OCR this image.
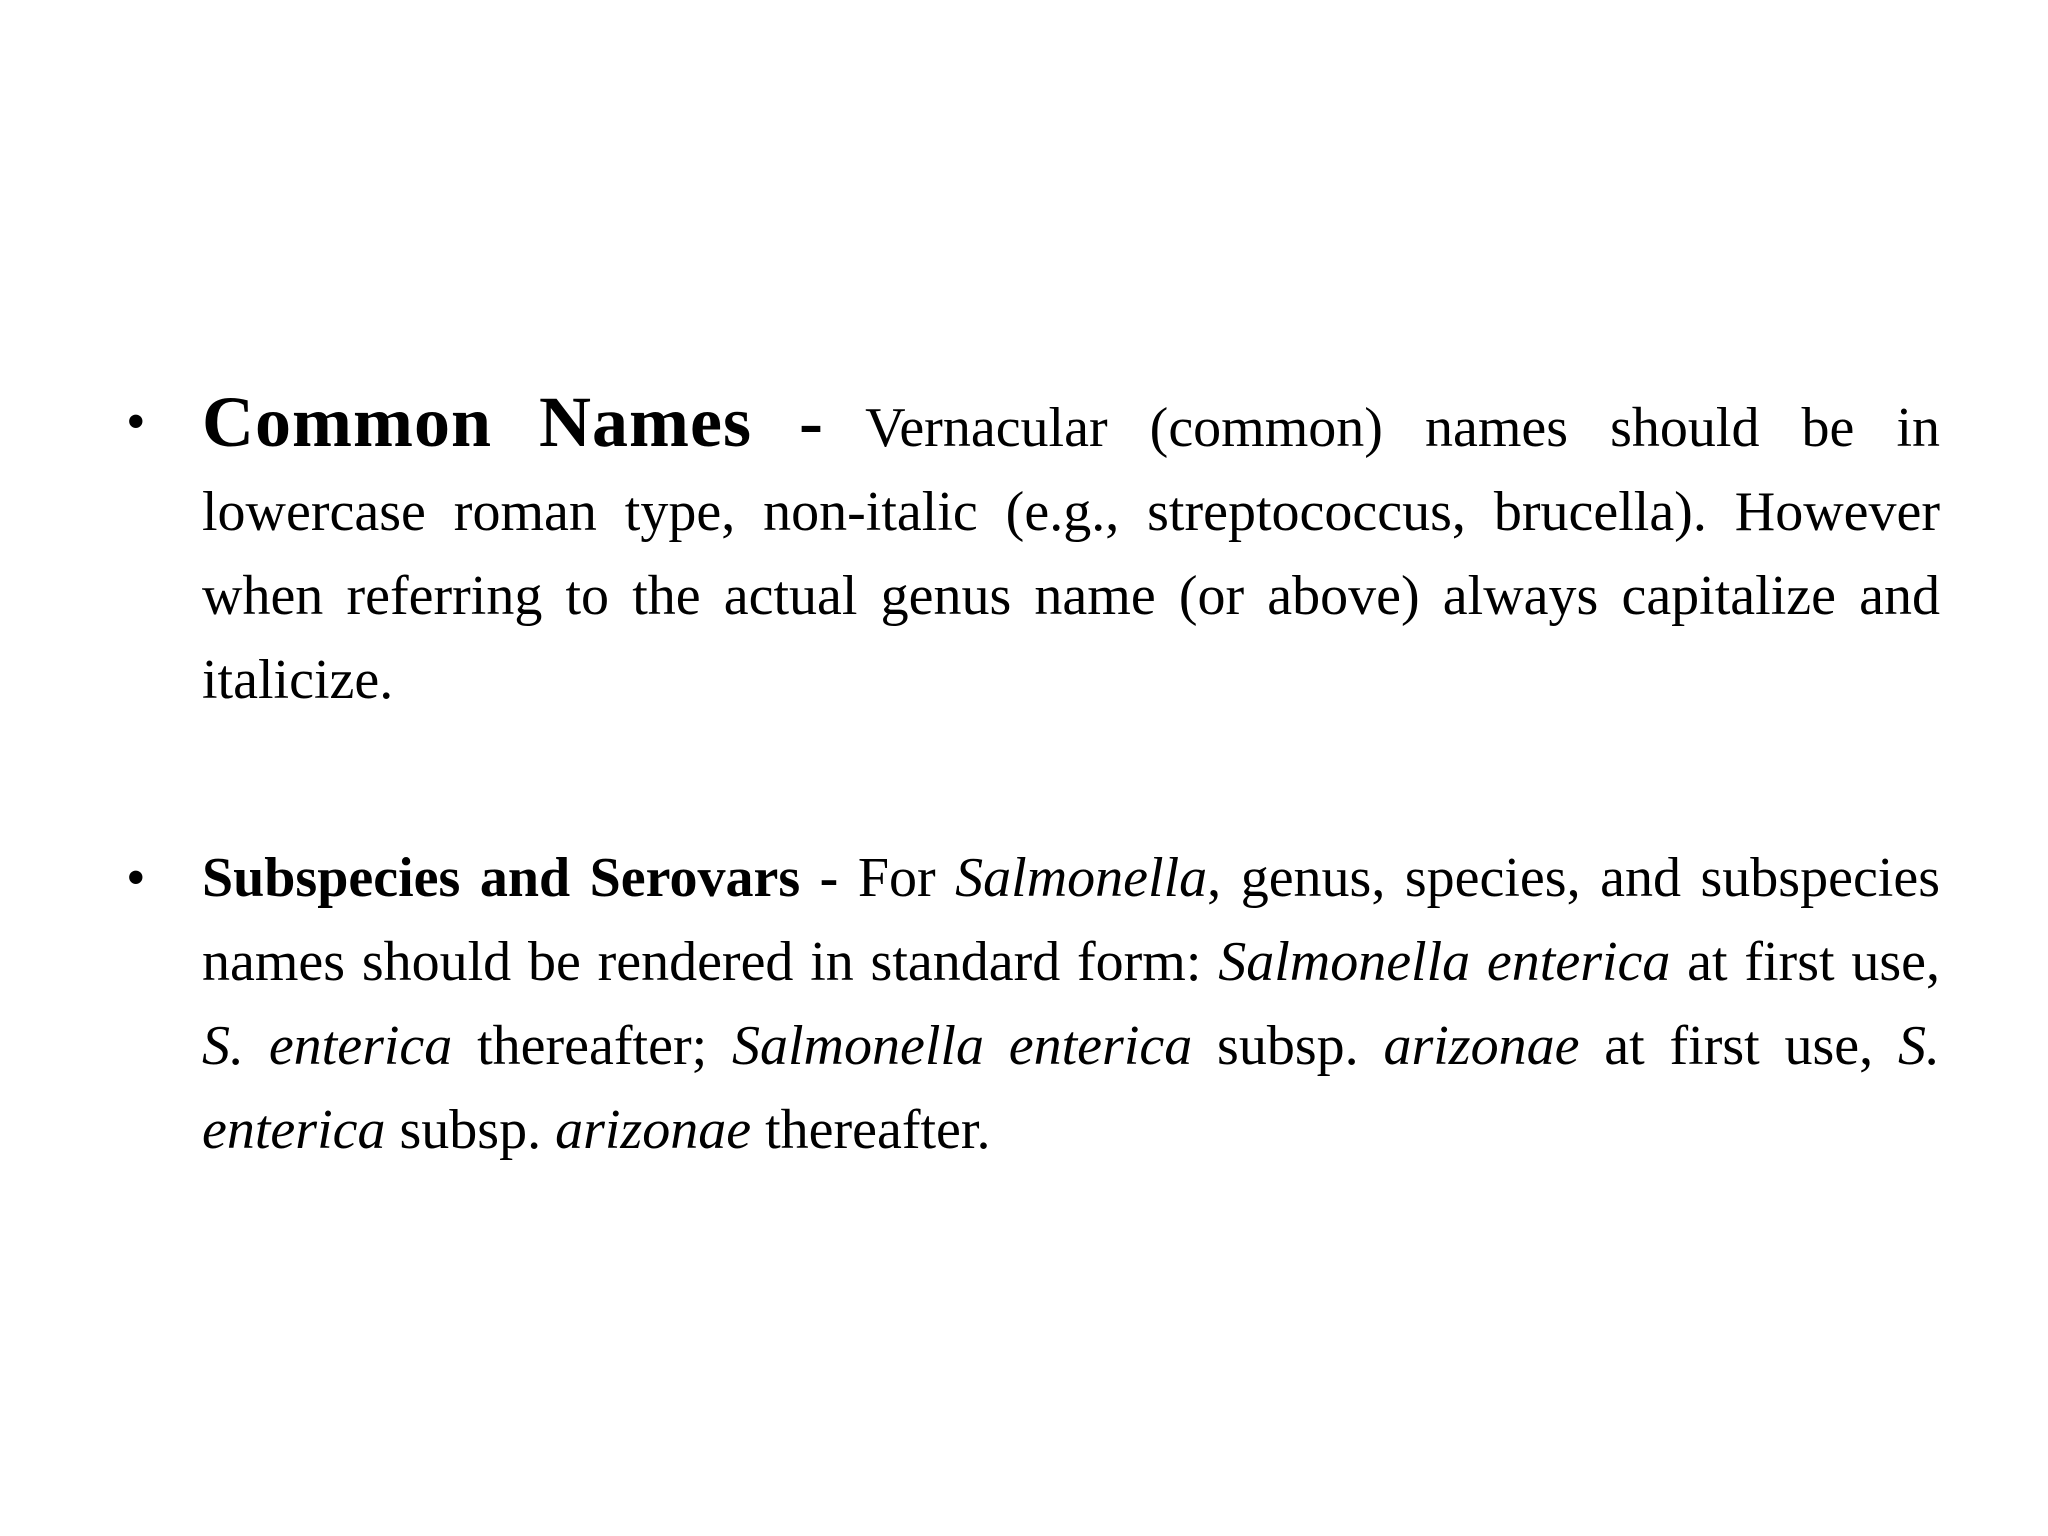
• Common Names - Vernacular (common) names should be in lowercase roman type, non-italic (e.g., streptococcus, brucella). However when referring to the actual genus name (or above) always capitalize and italicize.
• Subspecies and Serovars - For Salmonella, genus, species, and subspecies names should be rendered in standard form: Salmonella enterica at first use, S. enterica thereafter; Salmonella enterica subsp. arizonae at first use, S. enterica subsp. arizonae thereafter.
